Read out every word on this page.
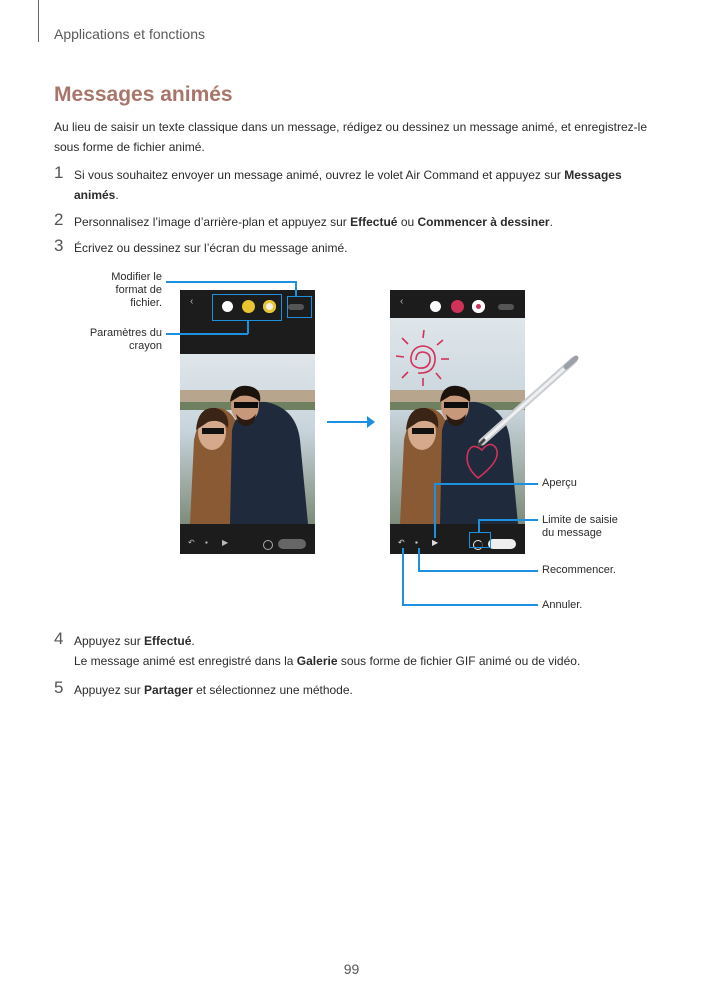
Applications et fonctions
Messages animés

Au lieu de saisir un texte classique dans un message, rédigez ou dessinez un message animé, et enregistrez-le sous forme de fichier animé.

1 Si vous souhaitez envoyer un message animé, ouvrez le volet Air Command et appuyez sur Messages animés.
2 Personnalisez l’image d’arrière-plan et appuyez sur Effectué ou Commencer à dessiner.
3 Écrivez ou dessinez sur l’écran du message animé.
‹
↶ ▪ ▶
‹
↶ ▪ ▶
Modifier le format de fichier.
Paramètres du crayon
Aperçu
Limite de saisie du message
Recommencer.
Annuler.
4 Appuyez sur Effectué.
Le message animé est enregistré dans la Galerie sous forme de fichier GIF animé ou de vidéo.
5 Appuyez sur Partager et sélectionnez une méthode.
99
